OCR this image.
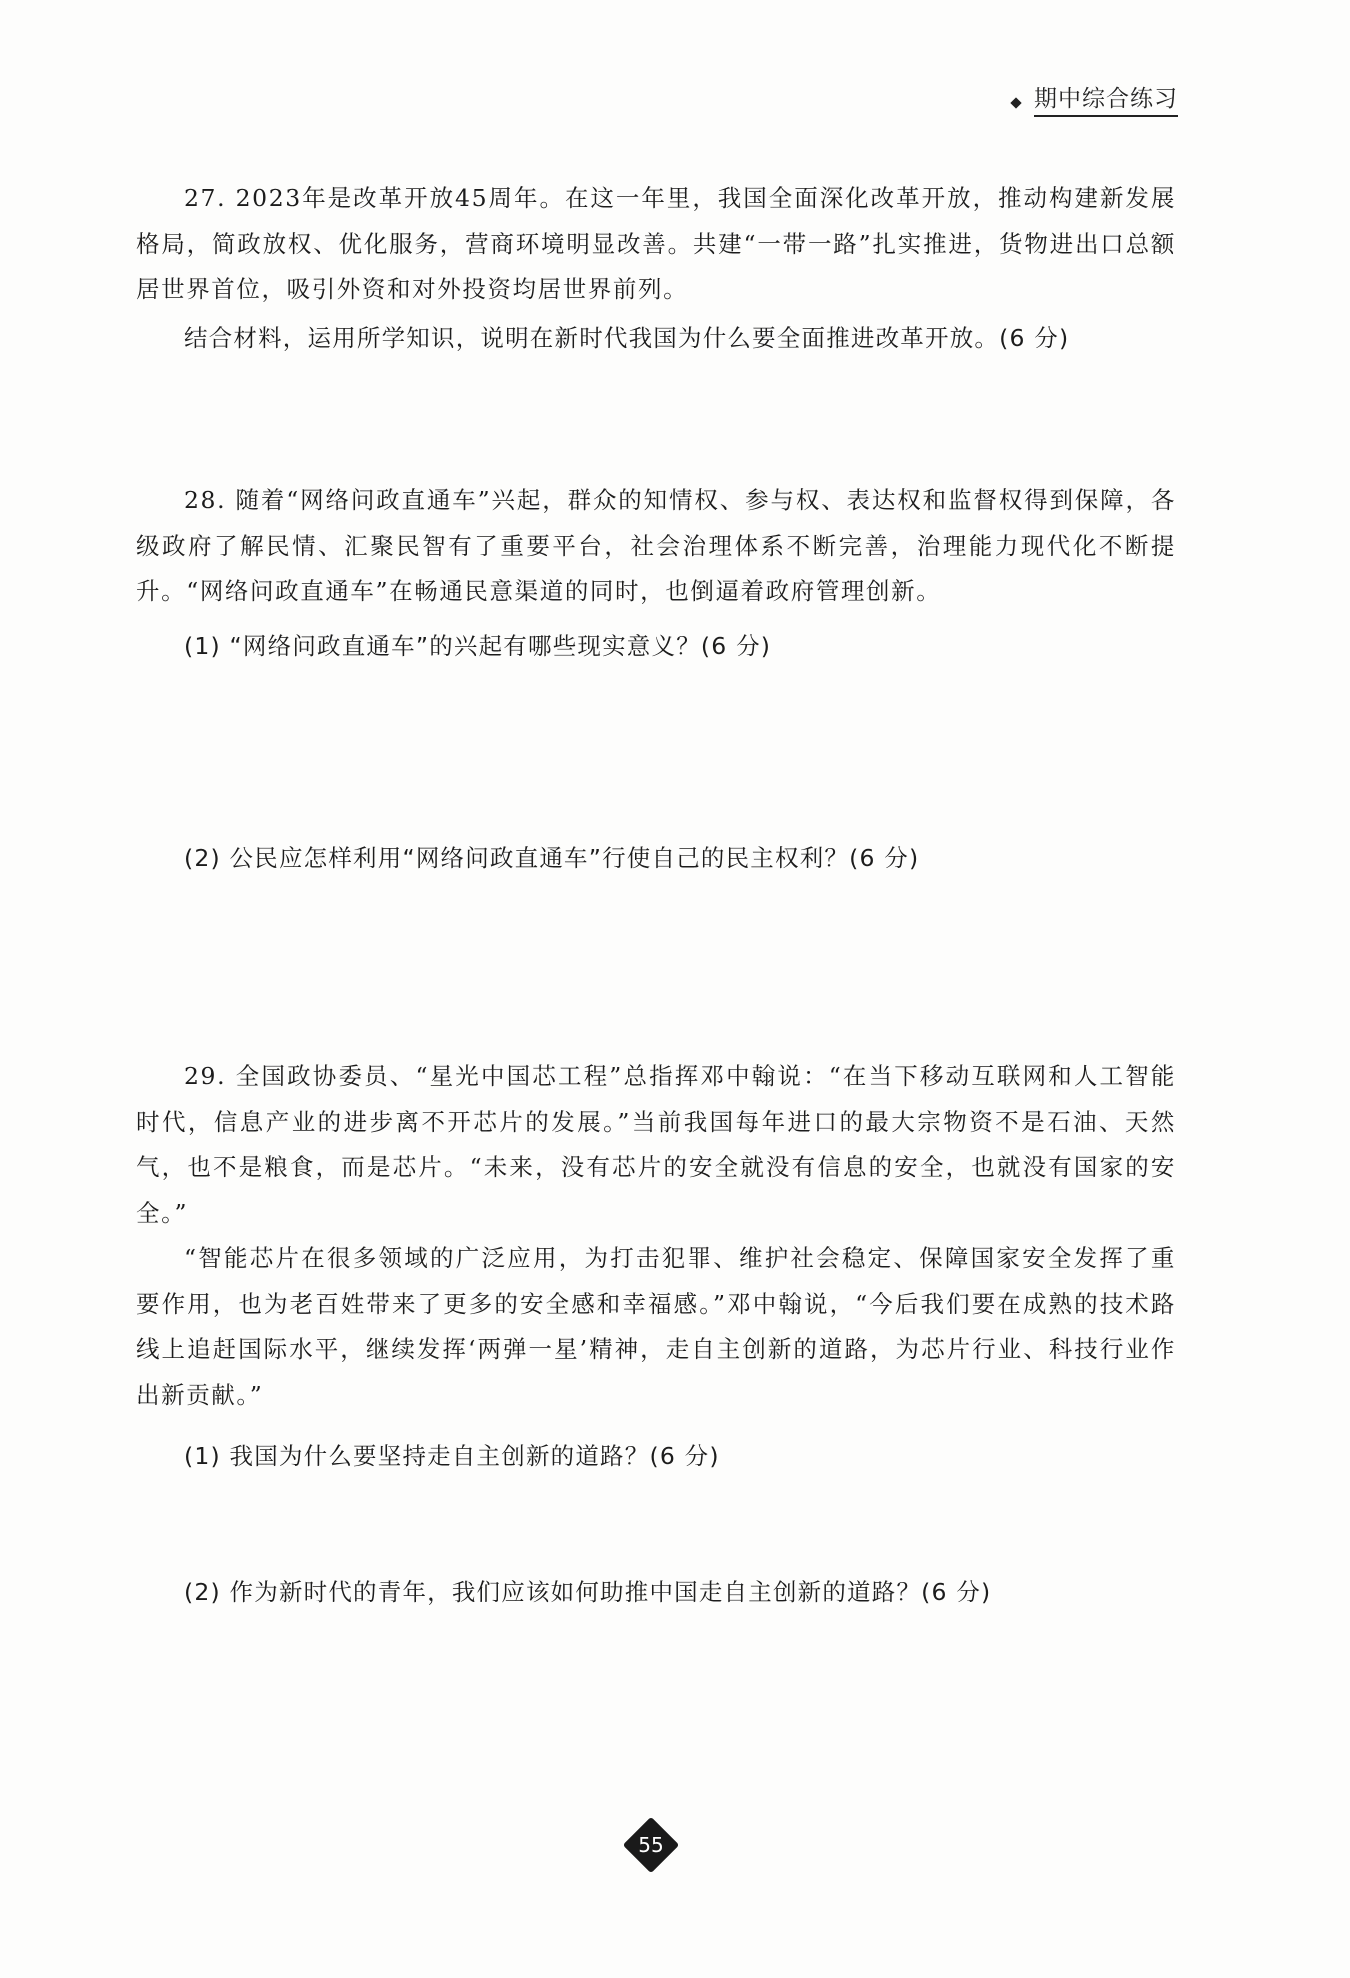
期中综合练习

27. 2023年是改革开放45周年。在这一年里，我国全面深化改革开放，推动构建新发展格局，简政放权、优化服务，营商环境明显改善。共建“一带一路”扎实推进，货物进出口总额居世界首位，吸引外资和对外投资均居世界前列。

结合材料，运用所学知识，说明在新时代我国为什么要全面推进改革开放。(6 分)

28. 随着“网络问政直通车”兴起，群众的知情权、参与权、表达权和监督权得到保障，各级政府了解民情、汇聚民智有了重要平台，社会治理体系不断完善，治理能力现代化不断提升。“网络问政直通车”在畅通民意渠道的同时，也倒逼着政府管理创新。

(1) “网络问政直通车”的兴起有哪些现实意义？(6 分)
(2) 公民应怎样利用“网络问政直通车”行使自己的民主权利？(6 分)

29. 全国政协委员、“星光中国芯工程”总指挥邓中翰说：“在当下移动互联网和人工智能时代，信息产业的进步离不开芯片的发展。”当前我国每年进口的最大宗物资不是石油、天然气，也不是粮食，而是芯片。“未来，没有芯片的安全就没有信息的安全，也就没有国家的安全。”

“智能芯片在很多领域的广泛应用，为打击犯罪、维护社会稳定、保障国家安全发挥了重要作用，也为老百姓带来了更多的安全感和幸福感。”邓中翰说，“今后我们要在成熟的技术路线上追赶国际水平，继续发挥‘两弹一星’精神，走自主创新的道路，为芯片行业、科技行业作出新贡献。”

(1) 我国为什么要坚持走自主创新的道路？(6 分)
(2) 作为新时代的青年，我们应该如何助推中国走自主创新的道路？(6 分)
55
